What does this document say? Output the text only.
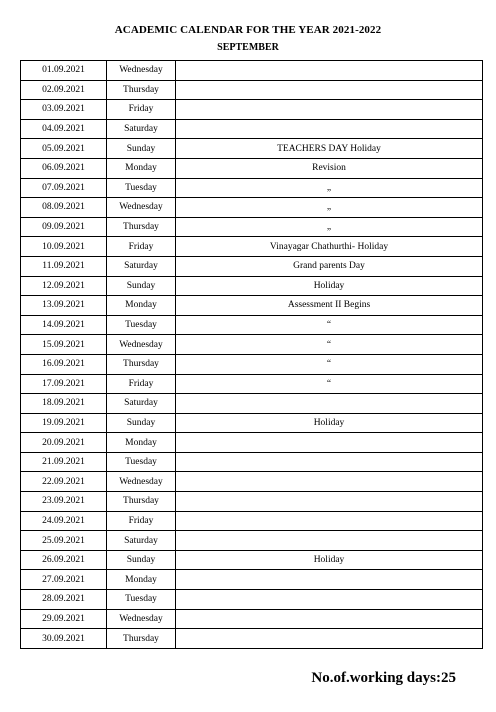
ACADEMIC CALENDAR FOR THE YEAR 2021-2022
SEPTEMBER
01.09.2021	Wednesday	
02.09.2021	Thursday	
03.09.2021	Friday	
04.09.2021	Saturday	
05.09.2021	Sunday	TEACHERS DAY Holiday
06.09.2021	Monday	Revision
07.09.2021	Tuesday	„
08.09.2021	Wednesday	„
09.09.2021	Thursday	„
10.09.2021	Friday	Vinayagar Chathurthi- Holiday
11.09.2021	Saturday	Grand parents Day
12.09.2021	Sunday	Holiday
13.09.2021	Monday	Assessment II Begins
14.09.2021	Tuesday	“
15.09.2021	Wednesday	“
16.09.2021	Thursday	“
17.09.2021	Friday	“
18.09.2021	Saturday	
19.09.2021	Sunday	Holiday
20.09.2021	Monday	
21.09.2021	Tuesday	
22.09.2021	Wednesday	
23.09.2021	Thursday	
24.09.2021	Friday	
25.09.2021	Saturday	
26.09.2021	Sunday	Holiday
27.09.2021	Monday	
28.09.2021	Tuesday	
29.09.2021	Wednesday	
30.09.2021	Thursday	
No.of.working days:25
